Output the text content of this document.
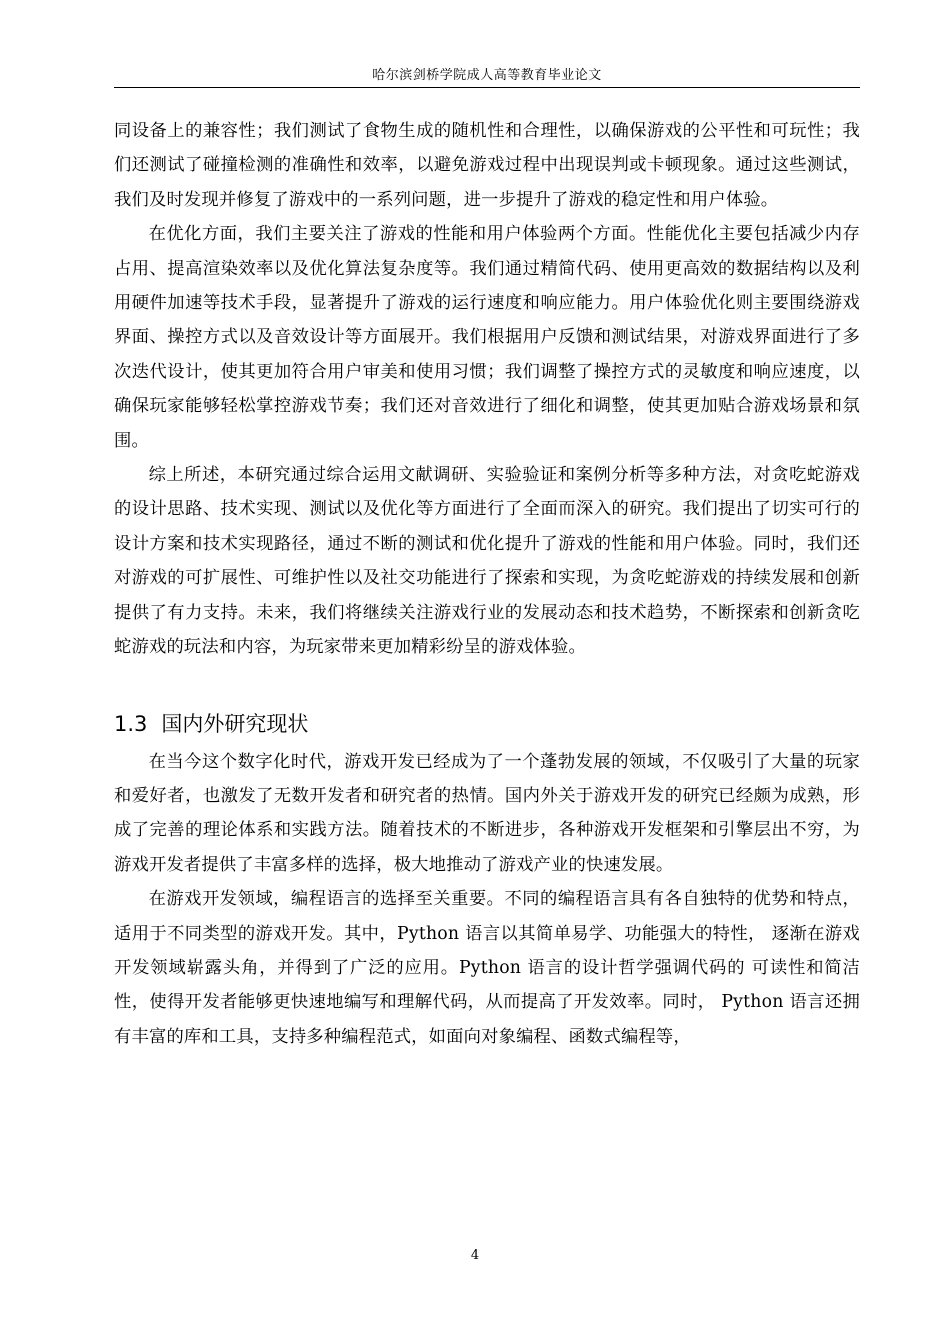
哈尔滨剑桥学院成人高等教育毕业论文

同设备上的兼容性；我们测试了食物生成的随机性和合理性，以确保游戏的公平性和可玩性；我们还测试了碰撞检测的准确性和效率，以避免游戏过程中出现误判或卡顿现象。通过这些测试，我们及时发现并修复了游戏中的一系列问题，进一步提升了游戏的稳定性和用户体验。

在优化方面，我们主要关注了游戏的性能和用户体验两个方面。性能优化主要包括减少内存占用、提高渲染效率以及优化算法复杂度等。我们通过精简代码、使用更高效的数据结构以及利用硬件加速等技术手段，显著提升了游戏的运行速度和响应能力。用户体验优化则主要围绕游戏界面、操控方式以及音效设计等方面展开。我们根据用户反馈和测试结果，对游戏界面进行了多次迭代设计，使其更加符合用户审美和使用习惯；我们调整了操控方式的灵敏度和响应速度，以确保玩家能够轻松掌控游戏节奏；我们还对音效进行了细化和调整，使其更加贴合游戏场景和氛围。

综上所述，本研究通过综合运用文献调研、实验验证和案例分析等多种方法，对贪吃蛇游戏的设计思路、技术实现、测试以及优化等方面进行了全面而深入的研究。我们提出了切实可行的设计方案和技术实现路径，通过不断的测试和优化提升了游戏的性能和用户体验。同时，我们还对游戏的可扩展性、可维护性以及社交功能进行了探索和实现，为贪吃蛇游戏的持续发展和创新提供了有力支持。未来，我们将继续关注游戏行业的发展动态和技术趋势，不断探索和创新贪吃蛇游戏的玩法和内容，为玩家带来更加精彩纷呈的游戏体验。

1.3 国内外研究现状

在当今这个数字化时代，游戏开发已经成为了一个蓬勃发展的领域，不仅吸引了大量的玩家和爱好者，也激发了无数开发者和研究者的热情。国内外关于游戏开发的研究已经颇为成熟，形成了完善的理论体系和实践方法。随着技术的不断进步，各种游戏开发框架和引擎层出不穷，为游戏开发者提供了丰富多样的选择，极大地推动了游戏产业的快速发展。

在游戏开发领域，编程语言的选择至关重要。不同的编程语言具有各自独特的优势和特点，适用于不同类型的游戏开发。其中，Python 语言以其简单易学、功能强大的特性， 逐渐在游戏开发领域崭露头角，并得到了广泛的应用。Python 语言的设计哲学强调代码的 可读性和简洁性，使得开发者能够更快速地编写和理解代码，从而提高了开发效率。同时， Python 语言还拥有丰富的库和工具，支持多种编程范式，如面向对象编程、函数式编程等，

4
